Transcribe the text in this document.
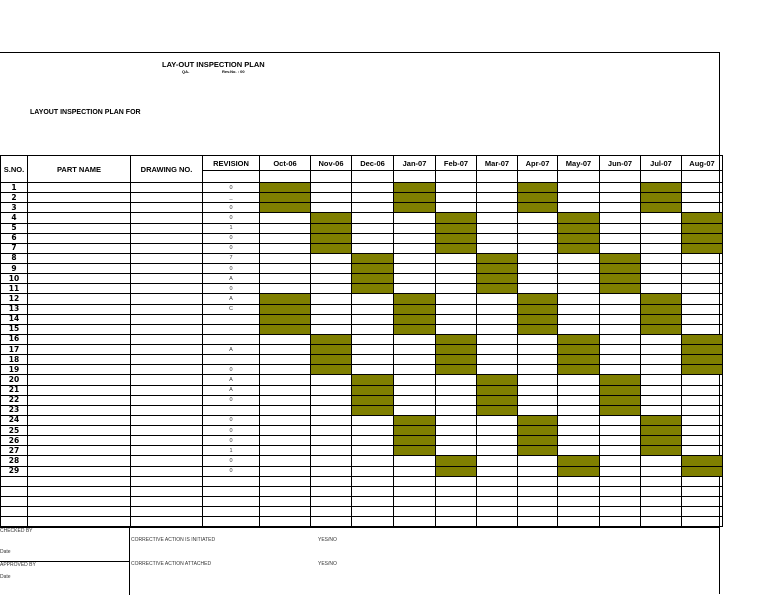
LAY-OUT INSPECTION PLAN
QA-	Rev.No. : 00
LAYOUT INSPECTION PLAN FOR
S.NO.	PART NAME	DRAWING NO.	REVISION	Oct-06	Nov-06	Dec-06	Jan-07	Feb-07	Mar-07	Apr-07	May-07	Jun-07	Jul-07	Aug-07

1			0											
2			_											
3			0											
4			0											
5			1											
6			0											
7			0											
8			7											
9			0											
10			A											
11			0											
12			A											
13			C											
14														
15														
16														
17			A											
18														
19			0											
20			A											
21			A											
22			0											
23														
24			0											
25			0											
26			0											
27			1											
28			0											
29			0											

CHECKED BY
Date
APPROVED BY
Date
CORRECTIVE ACTION IS INITIATED	YES/NO
CORRECTIVE ACTION ATTACHED	YES/NO
